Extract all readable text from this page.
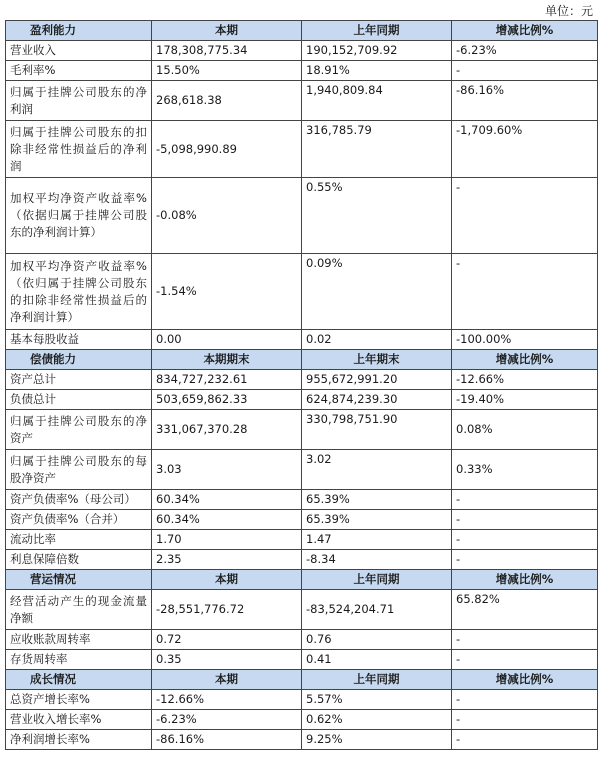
单位：元
盈利能力	本期	上年同期	增减比例%
营业收入	178,308,775.34	190,152,709.92	-6.23%
毛利率%	15.50%	18.91%	-
归属于挂牌公司股东的净利润	268,618.38	1,940,809.84	-86.16%
归属于挂牌公司股东的扣除非经常性损益后的净利润	-5,098,990.89	316,785.79	-1,709.60%
加权平均净资产收益率%（依据归属于挂牌公司股东的净利润计算）	-0.08%	0.55%	-
加权平均净资产收益率%（依归属于挂牌公司股东的扣除非经常性损益后的净利润计算）	-1.54%	0.09%	-
基本每股收益	0.00	0.02	-100.00%
偿债能力	本期期末	上年期末	增减比例%
资产总计	834,727,232.61	955,672,991.20	-12.66%
负债总计	503,659,862.33	624,874,239.30	-19.40%
归属于挂牌公司股东的净资产	331,067,370.28	330,798,751.90	0.08%
归属于挂牌公司股东的每股净资产	3.03	3.02	0.33%
资产负债率%（母公司）	60.34%	65.39%	-
资产负债率%（合并）	60.34%	65.39%	-
流动比率	1.70	1.47	-
利息保障倍数	2.35	-8.34	-
营运情况	本期	上年同期	增减比例%
经营活动产生的现金流量净额	-28,551,776.72	-83,524,204.71	65.82%
应收账款周转率	0.72	0.76	-
存货周转率	0.35	0.41	-
成长情况	本期	上年同期	增减比例%
总资产增长率%	-12.66%	5.57%	-
营业收入增长率%	-6.23%	0.62%	-
净利润增长率%	-86.16%	9.25%	-
